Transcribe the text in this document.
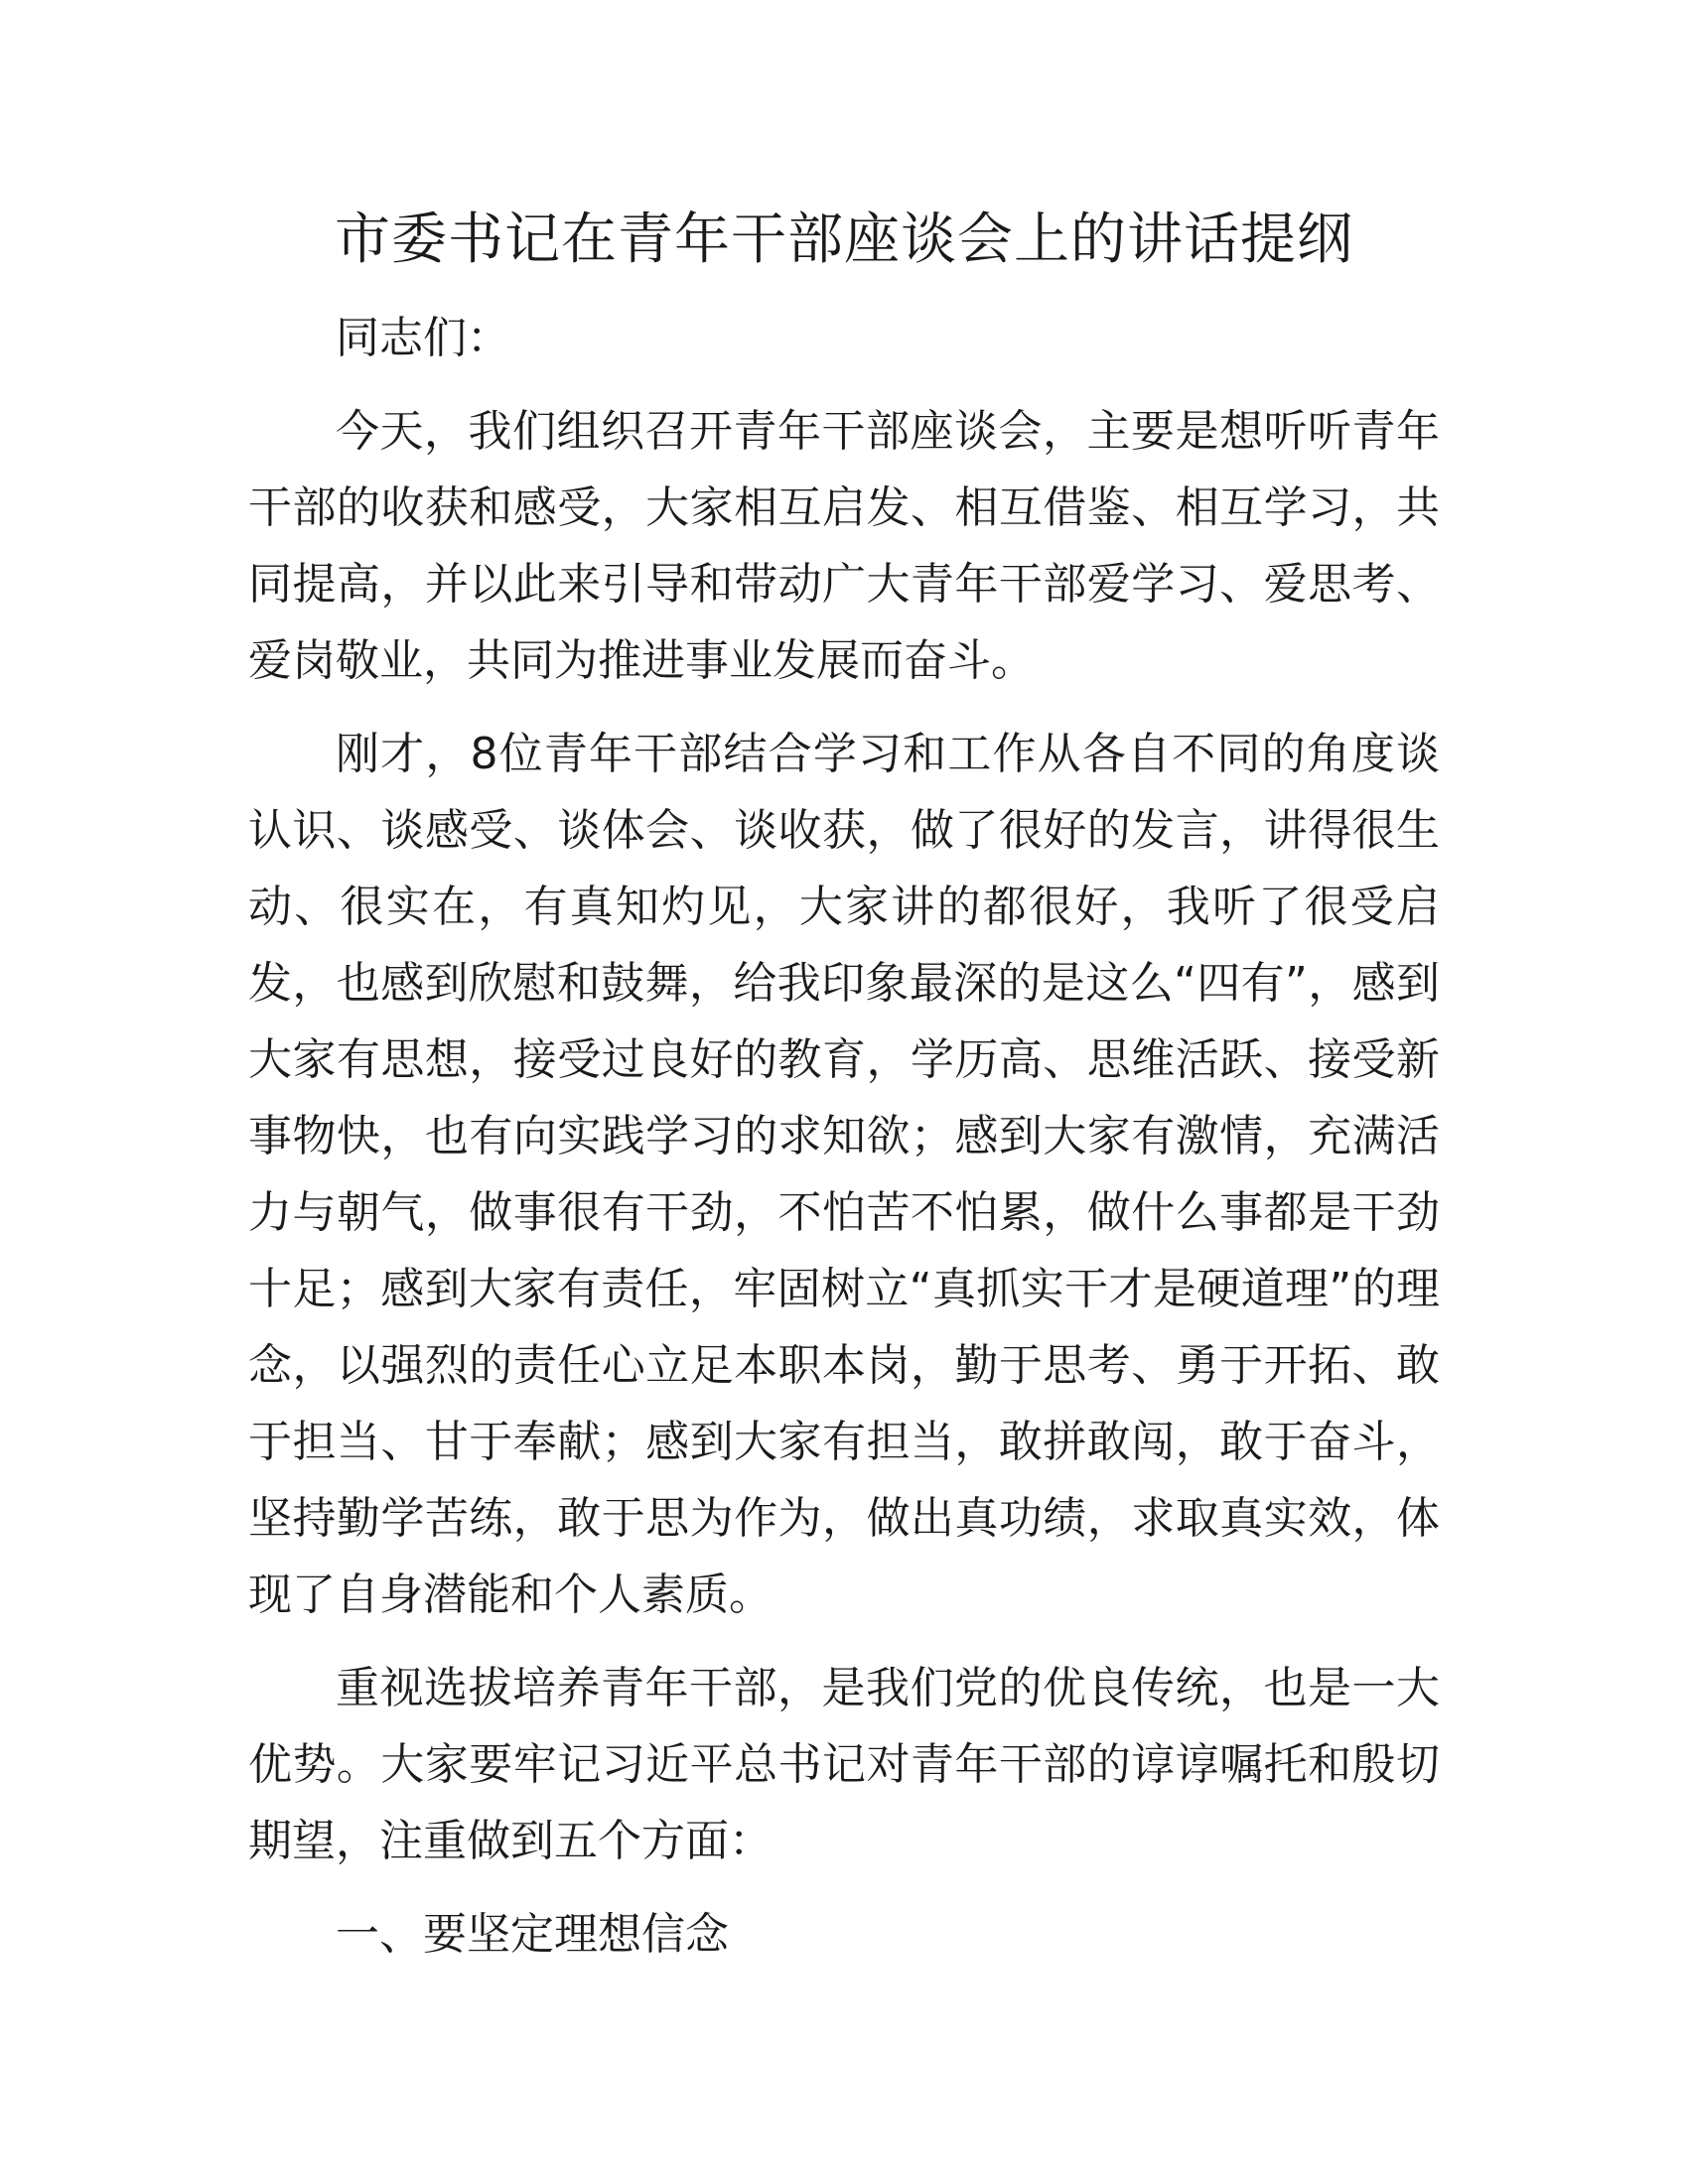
市委书记在青年干部座谈会上的讲话提纲

同志们：

今天，我们组织召开青年干部座谈会，主要是想听听青年干部的收获和感受，大家相互启发、相互借鉴、相互学习，共同提高，并以此来引导和带动广大青年干部爱学习、爱思考、爱岗敬业，共同为推进事业发展而奋斗。

刚才，8位青年干部结合学习和工作从各自不同的角度谈认识、谈感受、谈体会、谈收获，做了很好的发言，讲得很生动、很实在，有真知灼见，大家讲的都很好，我听了很受启发，也感到欣慰和鼓舞，给我印象最深的是这么“四有”，感到大家有思想，接受过良好的教育，学历高、思维活跃、接受新事物快，也有向实践学习的求知欲；感到大家有激情，充满活力与朝气，做事很有干劲，不怕苦不怕累，做什么事都是干劲十足；感到大家有责任，牢固树立“真抓实干才是硬道理”的理念，以强烈的责任心立足本职本岗，勤于思考、勇于开拓、敢于担当、甘于奉献；感到大家有担当，敢拼敢闯，敢于奋斗，坚持勤学苦练，敢于思为作为，做出真功绩，求取真实效，体现了自身潜能和个人素质。

重视选拔培养青年干部，是我们党的优良传统，也是一大优势。大家要牢记习近平总书记对青年干部的谆谆嘱托和殷切期望，注重做到五个方面：

一、要坚定理想信念
